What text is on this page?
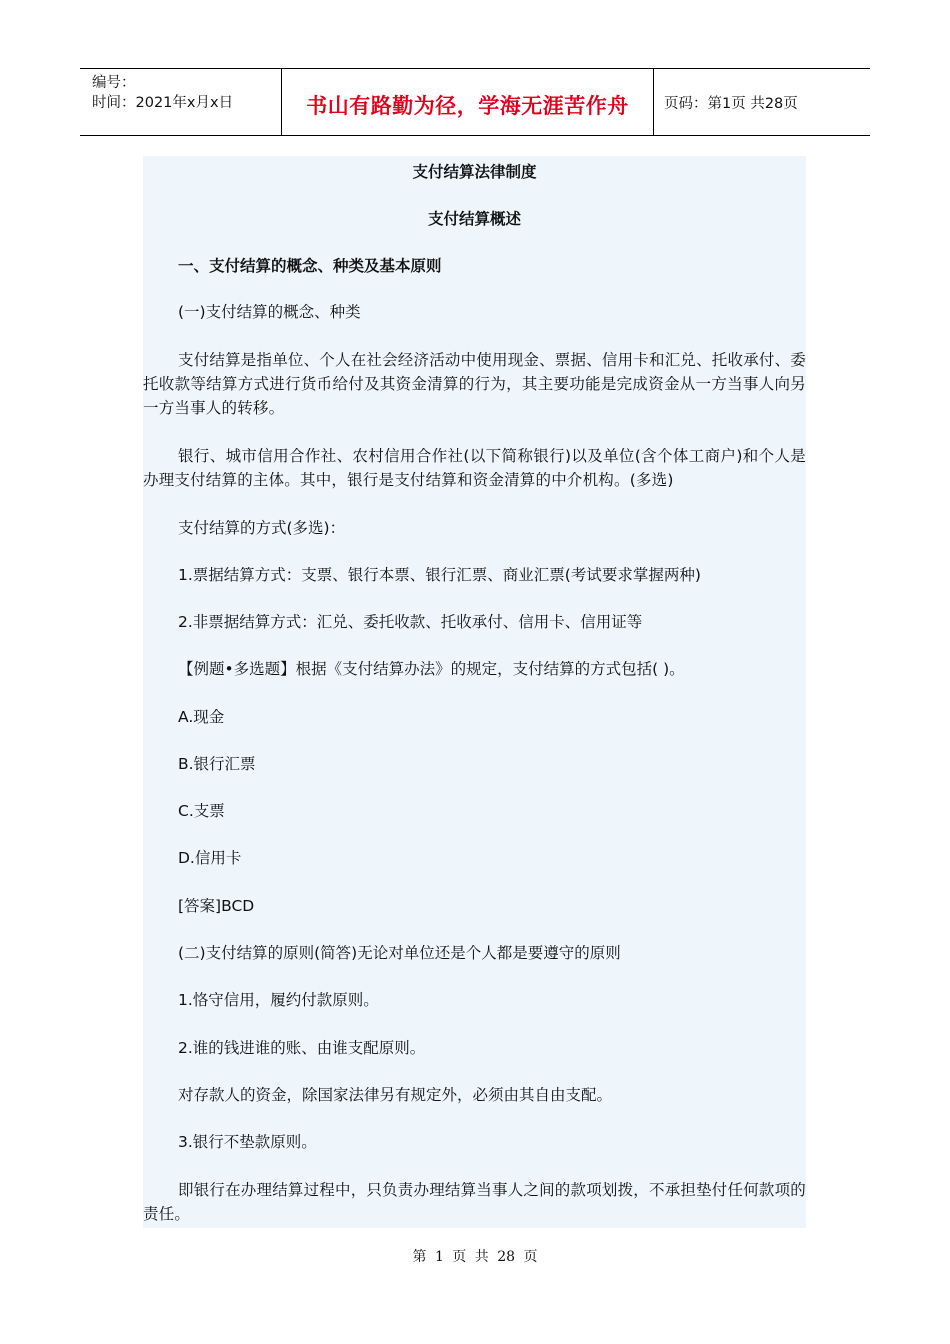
编号：
时间：2021年x月x日	书山有路勤为径，学海无涯苦作舟	页码：第1页 共28页
支付结算法律制度
支付结算概述
一、支付结算的概念、种类及基本原则
(一)支付结算的概念、种类
支付结算是指单位、个人在社会经济活动中使用现金、票据、信用卡和汇兑、托收承付、委托收款等结算方式进行货币给付及其资金清算的行为，其主要功能是完成资金从一方当事人向另一方当事人的转移。
银行、城市信用合作社、农村信用合作社(以下简称银行)以及单位(含个体工商户)和个人是办理支付结算的主体。其中，银行是支付结算和资金清算的中介机构。(多选)
支付结算的方式(多选)：
1.票据结算方式：支票、银行本票、银行汇票、商业汇票(考试要求掌握两种)
2.非票据结算方式：汇兑、委托收款、托收承付、信用卡、信用证等
【例题•多选题】根据《支付结算办法》的规定，支付结算的方式包括( )。
A.现金
B.银行汇票
C.支票
D.信用卡
[答案]BCD
(二)支付结算的原则(简答)无论对单位还是个人都是要遵守的原则
1.恪守信用，履约付款原则。
2.谁的钱进谁的账、由谁支配原则。
对存款人的资金，除国家法律另有规定外，必须由其自由支配。
3.银行不垫款原则。
即银行在办理结算过程中，只负责办理结算当事人之间的款项划拨，不承担垫付任何款项的责任。
第 1 页 共 28 页
